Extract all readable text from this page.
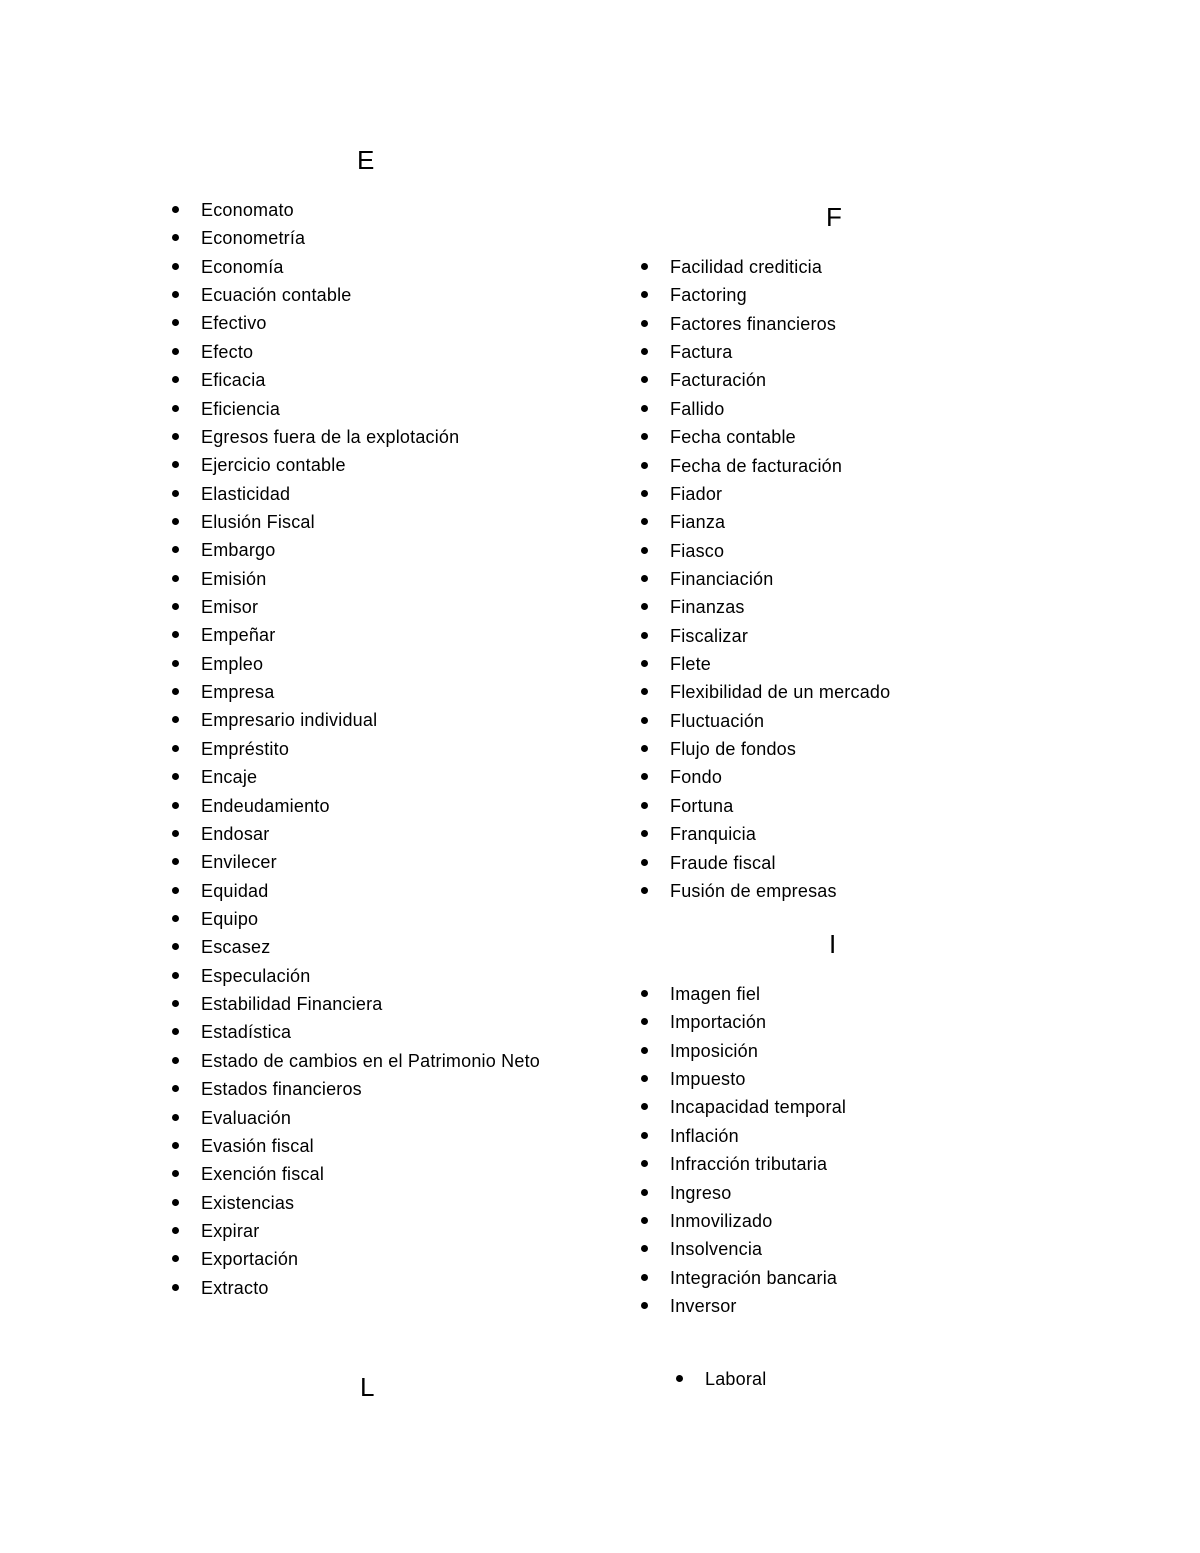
E
Economato
Econometría
Economía
Ecuación contable
Efectivo
Efecto
Eficacia
Eficiencia
Egresos fuera de la explotación
Ejercicio contable
Elasticidad
Elusión Fiscal
Embargo
Emisión
Emisor
Empeñar
Empleo
Empresa
Empresario individual
Empréstito
Encaje
Endeudamiento
Endosar
Envilecer
Equidad
Equipo
Escasez
Especulación
Estabilidad Financiera
Estadística
Estado de cambios en el Patrimonio Neto
Estados financieros
Evaluación
Evasión fiscal
Exención fiscal
Existencias
Expirar
Exportación
Extracto
F
Facilidad crediticia
Factoring
Factores financieros
Factura
Facturación
Fallido
Fecha contable
Fecha de facturación
Fiador
Fianza
Fiasco
Financiación
Finanzas
Fiscalizar
Flete
Flexibilidad de un mercado
Fluctuación
Flujo de fondos
Fondo
Fortuna
Franquicia
Fraude fiscal
Fusión de empresas
I
Imagen fiel
Importación
Imposición
Impuesto
Incapacidad temporal
Inflación
Infracción tributaria
Ingreso
Inmovilizado
Insolvencia
Integración bancaria
Inversor
L	Laboral
